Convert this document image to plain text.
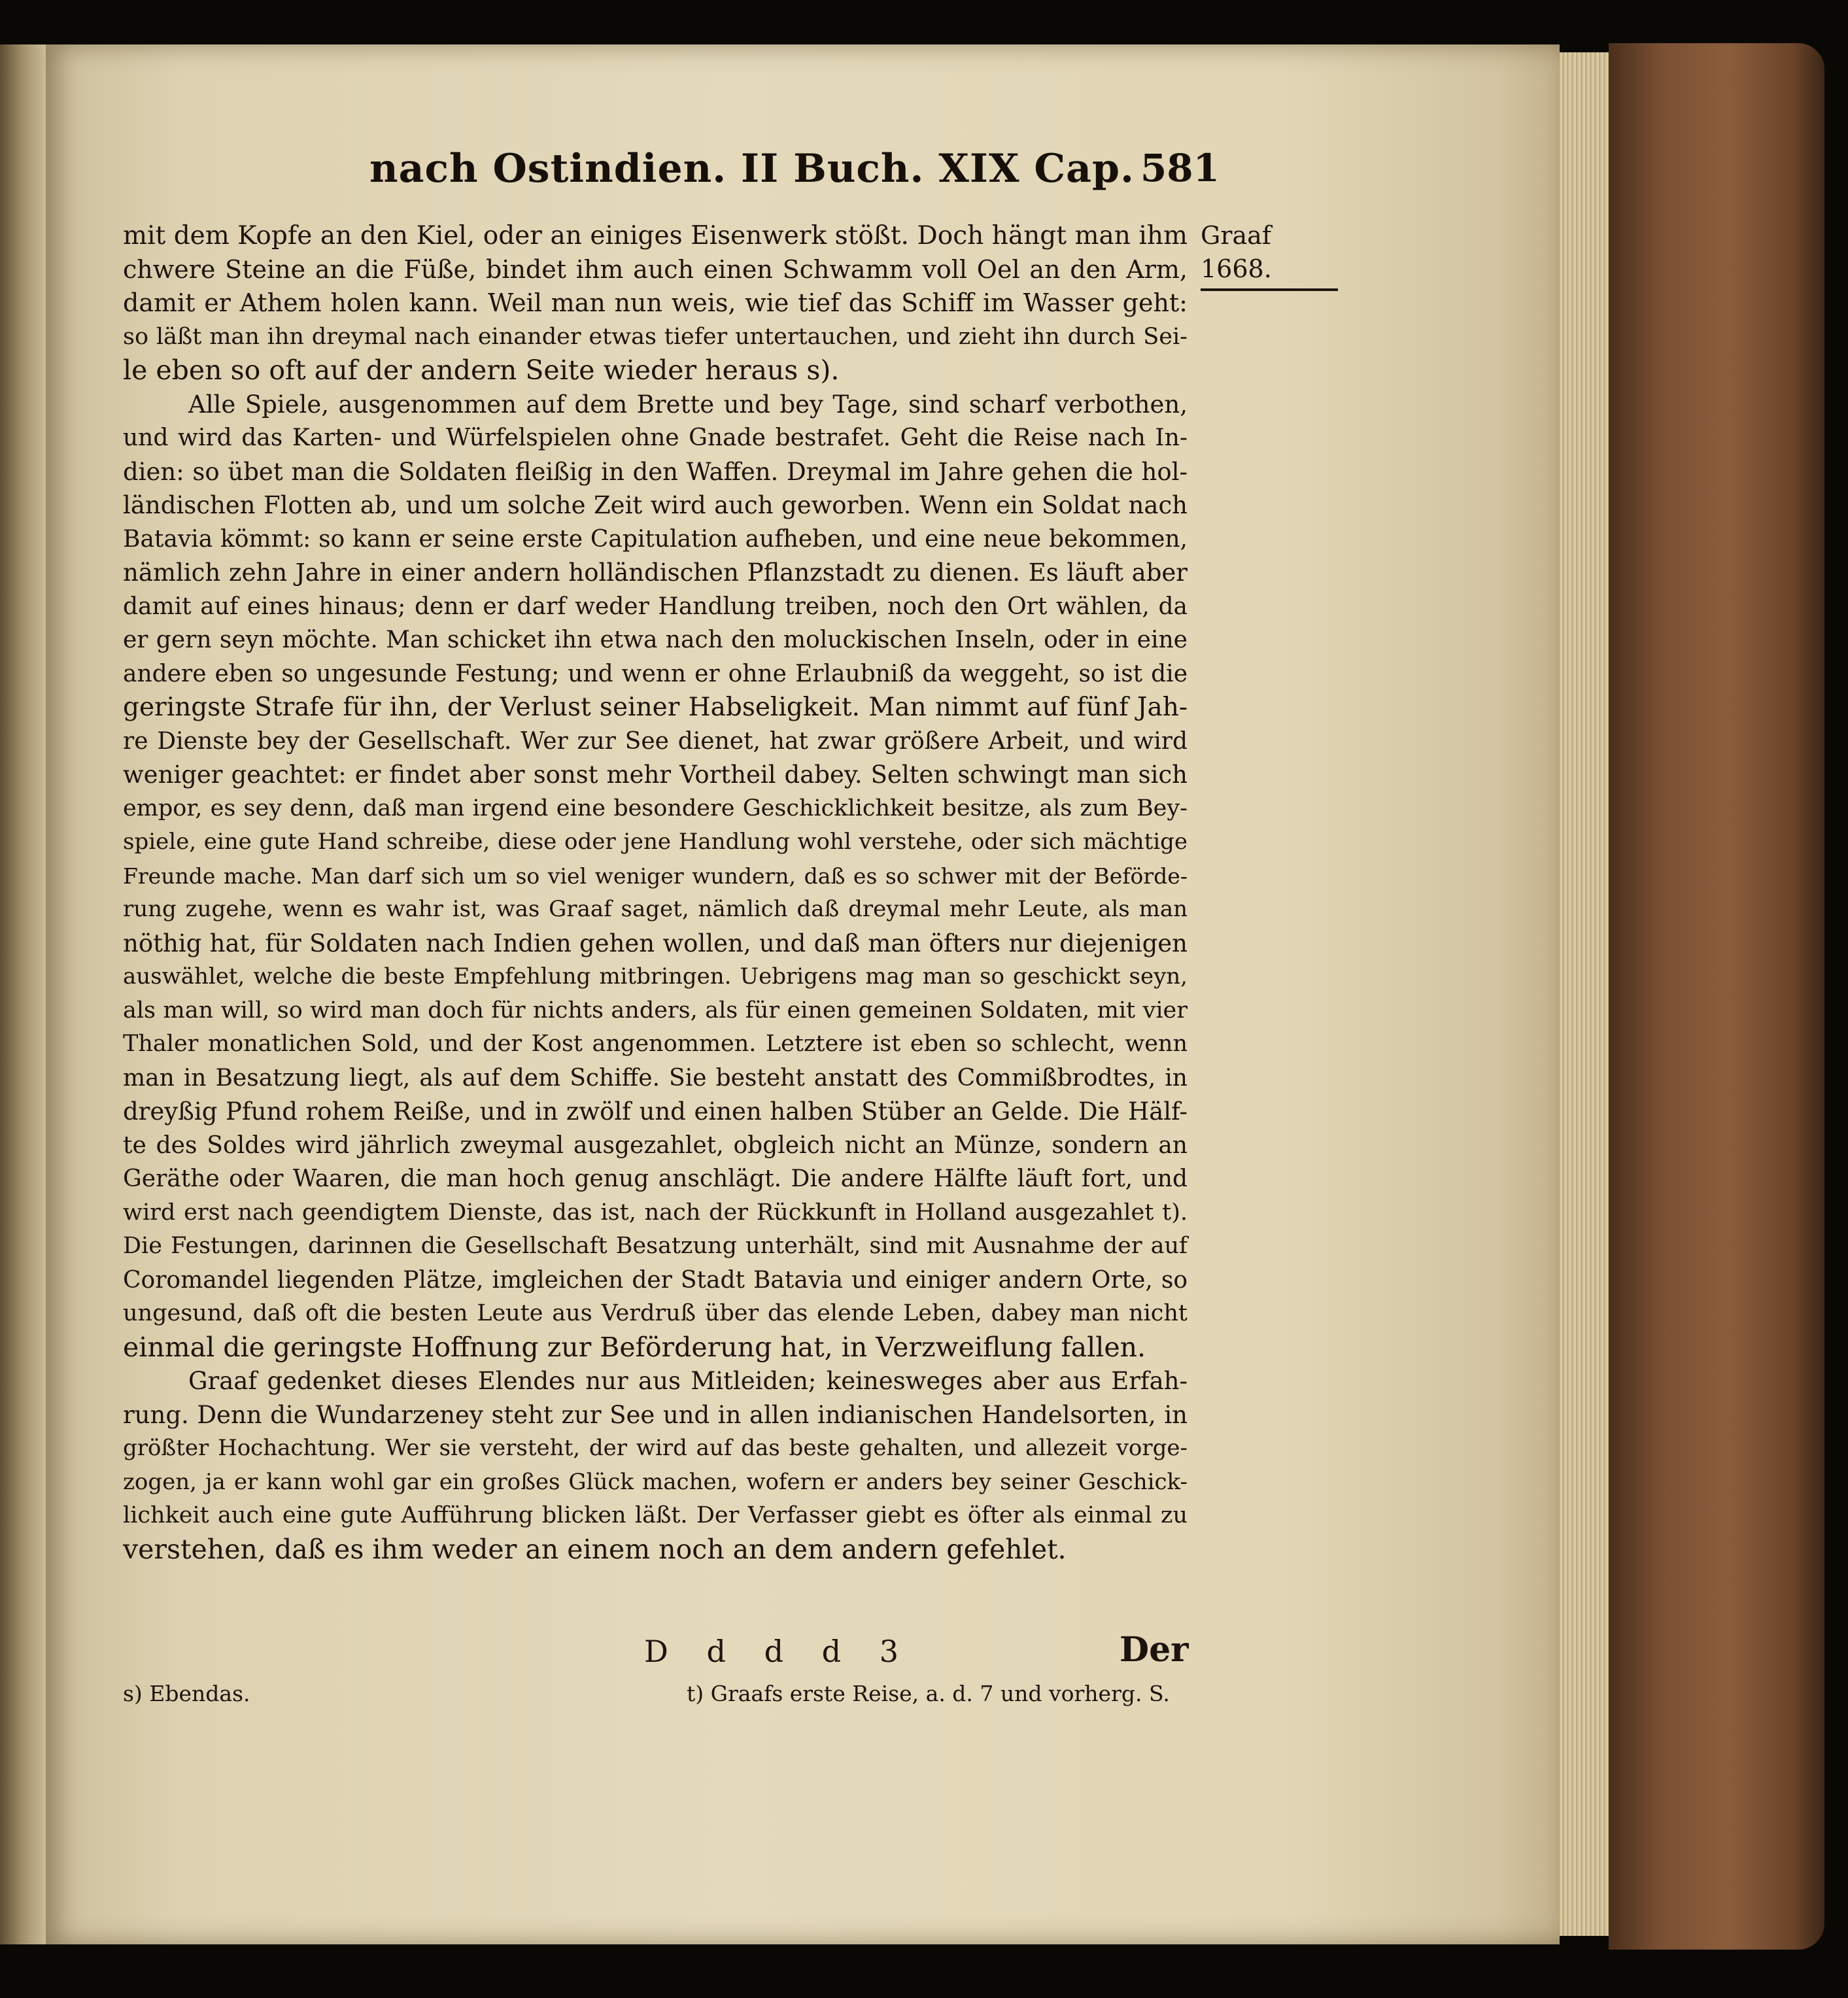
nach Ostindien. II Buch. XIX Cap. 581
Graaf 1668.
mit dem Kopfe an den Kiel, oder an einiges Eisenwerk stößt. Doch hängt man ihm
chwere Steine an die Füße, bindet ihm auch einen Schwamm voll Oel an den Arm,
damit er Athem holen kann. Weil man nun weis, wie tief das Schiff im Wasser geht:
so läßt man ihn dreymal nach einander etwas tiefer untertauchen, und zieht ihn durch Sei-
le eben so oft auf der andern Seite wieder heraus s).
Alle Spiele, ausgenommen auf dem Brette und bey Tage, sind scharf verbothen,
und wird das Karten- und Würfelspielen ohne Gnade bestrafet. Geht die Reise nach In-
dien: so übet man die Soldaten fleißig in den Waffen. Dreymal im Jahre gehen die hol-
ländischen Flotten ab, und um solche Zeit wird auch geworben. Wenn ein Soldat nach
Batavia kömmt: so kann er seine erste Capitulation aufheben, und eine neue bekommen,
nämlich zehn Jahre in einer andern holländischen Pflanzstadt zu dienen. Es läuft aber
damit auf eines hinaus; denn er darf weder Handlung treiben, noch den Ort wählen, da
er gern seyn möchte. Man schicket ihn etwa nach den moluckischen Inseln, oder in eine
andere eben so ungesunde Festung; und wenn er ohne Erlaubniß da weggeht, so ist die
geringste Strafe für ihn, der Verlust seiner Habseligkeit. Man nimmt auf fünf Jah-
re Dienste bey der Gesellschaft. Wer zur See dienet, hat zwar größere Arbeit, und wird
weniger geachtet: er findet aber sonst mehr Vortheil dabey. Selten schwingt man sich
empor, es sey denn, daß man irgend eine besondere Geschicklichkeit besitze, als zum Bey-
spiele, eine gute Hand schreibe, diese oder jene Handlung wohl verstehe, oder sich mächtige
Freunde mache. Man darf sich um so viel weniger wundern, daß es so schwer mit der Beförde-
rung zugehe, wenn es wahr ist, was Graaf saget, nämlich daß dreymal mehr Leute, als man
nöthig hat, für Soldaten nach Indien gehen wollen, und daß man öfters nur diejenigen
auswählet, welche die beste Empfehlung mitbringen. Uebrigens mag man so geschickt seyn,
als man will, so wird man doch für nichts anders, als für einen gemeinen Soldaten, mit vier
Thaler monatlichen Sold, und der Kost angenommen. Letztere ist eben so schlecht, wenn
man in Besatzung liegt, als auf dem Schiffe. Sie besteht anstatt des Commißbrodtes, in
dreyßig Pfund rohem Reiße, und in zwölf und einen halben Stüber an Gelde. Die Hälf-
te des Soldes wird jährlich zweymal ausgezahlet, obgleich nicht an Münze, sondern an
Geräthe oder Waaren, die man hoch genug anschlägt. Die andere Hälfte läuft fort, und
wird erst nach geendigtem Dienste, das ist, nach der Rückkunft in Holland ausgezahlet t).
Die Festungen, darinnen die Gesellschaft Besatzung unterhält, sind mit Ausnahme der auf
Coromandel liegenden Plätze, imgleichen der Stadt Batavia und einiger andern Orte, so
ungesund, daß oft die besten Leute aus Verdruß über das elende Leben, dabey man nicht
einmal die geringste Hoffnung zur Beförderung hat, in Verzweiflung fallen.
Graaf gedenket dieses Elendes nur aus Mitleiden; keinesweges aber aus Erfah-
rung. Denn die Wundarzeney steht zur See und in allen indianischen Handelsorten, in
größter Hochachtung. Wer sie versteht, der wird auf das beste gehalten, und allezeit vorge-
zogen, ja er kann wohl gar ein großes Glück machen, wofern er anders bey seiner Geschick-
lichkeit auch eine gute Aufführung blicken läßt. Der Verfasser giebt es öfter als einmal zu
verstehen, daß es ihm weder an einem noch an dem andern gefehlet.
D d d d 3	Der
s) Ebendas.	t) Graafs erste Reise, a. d. 7 und vorherg. S.
